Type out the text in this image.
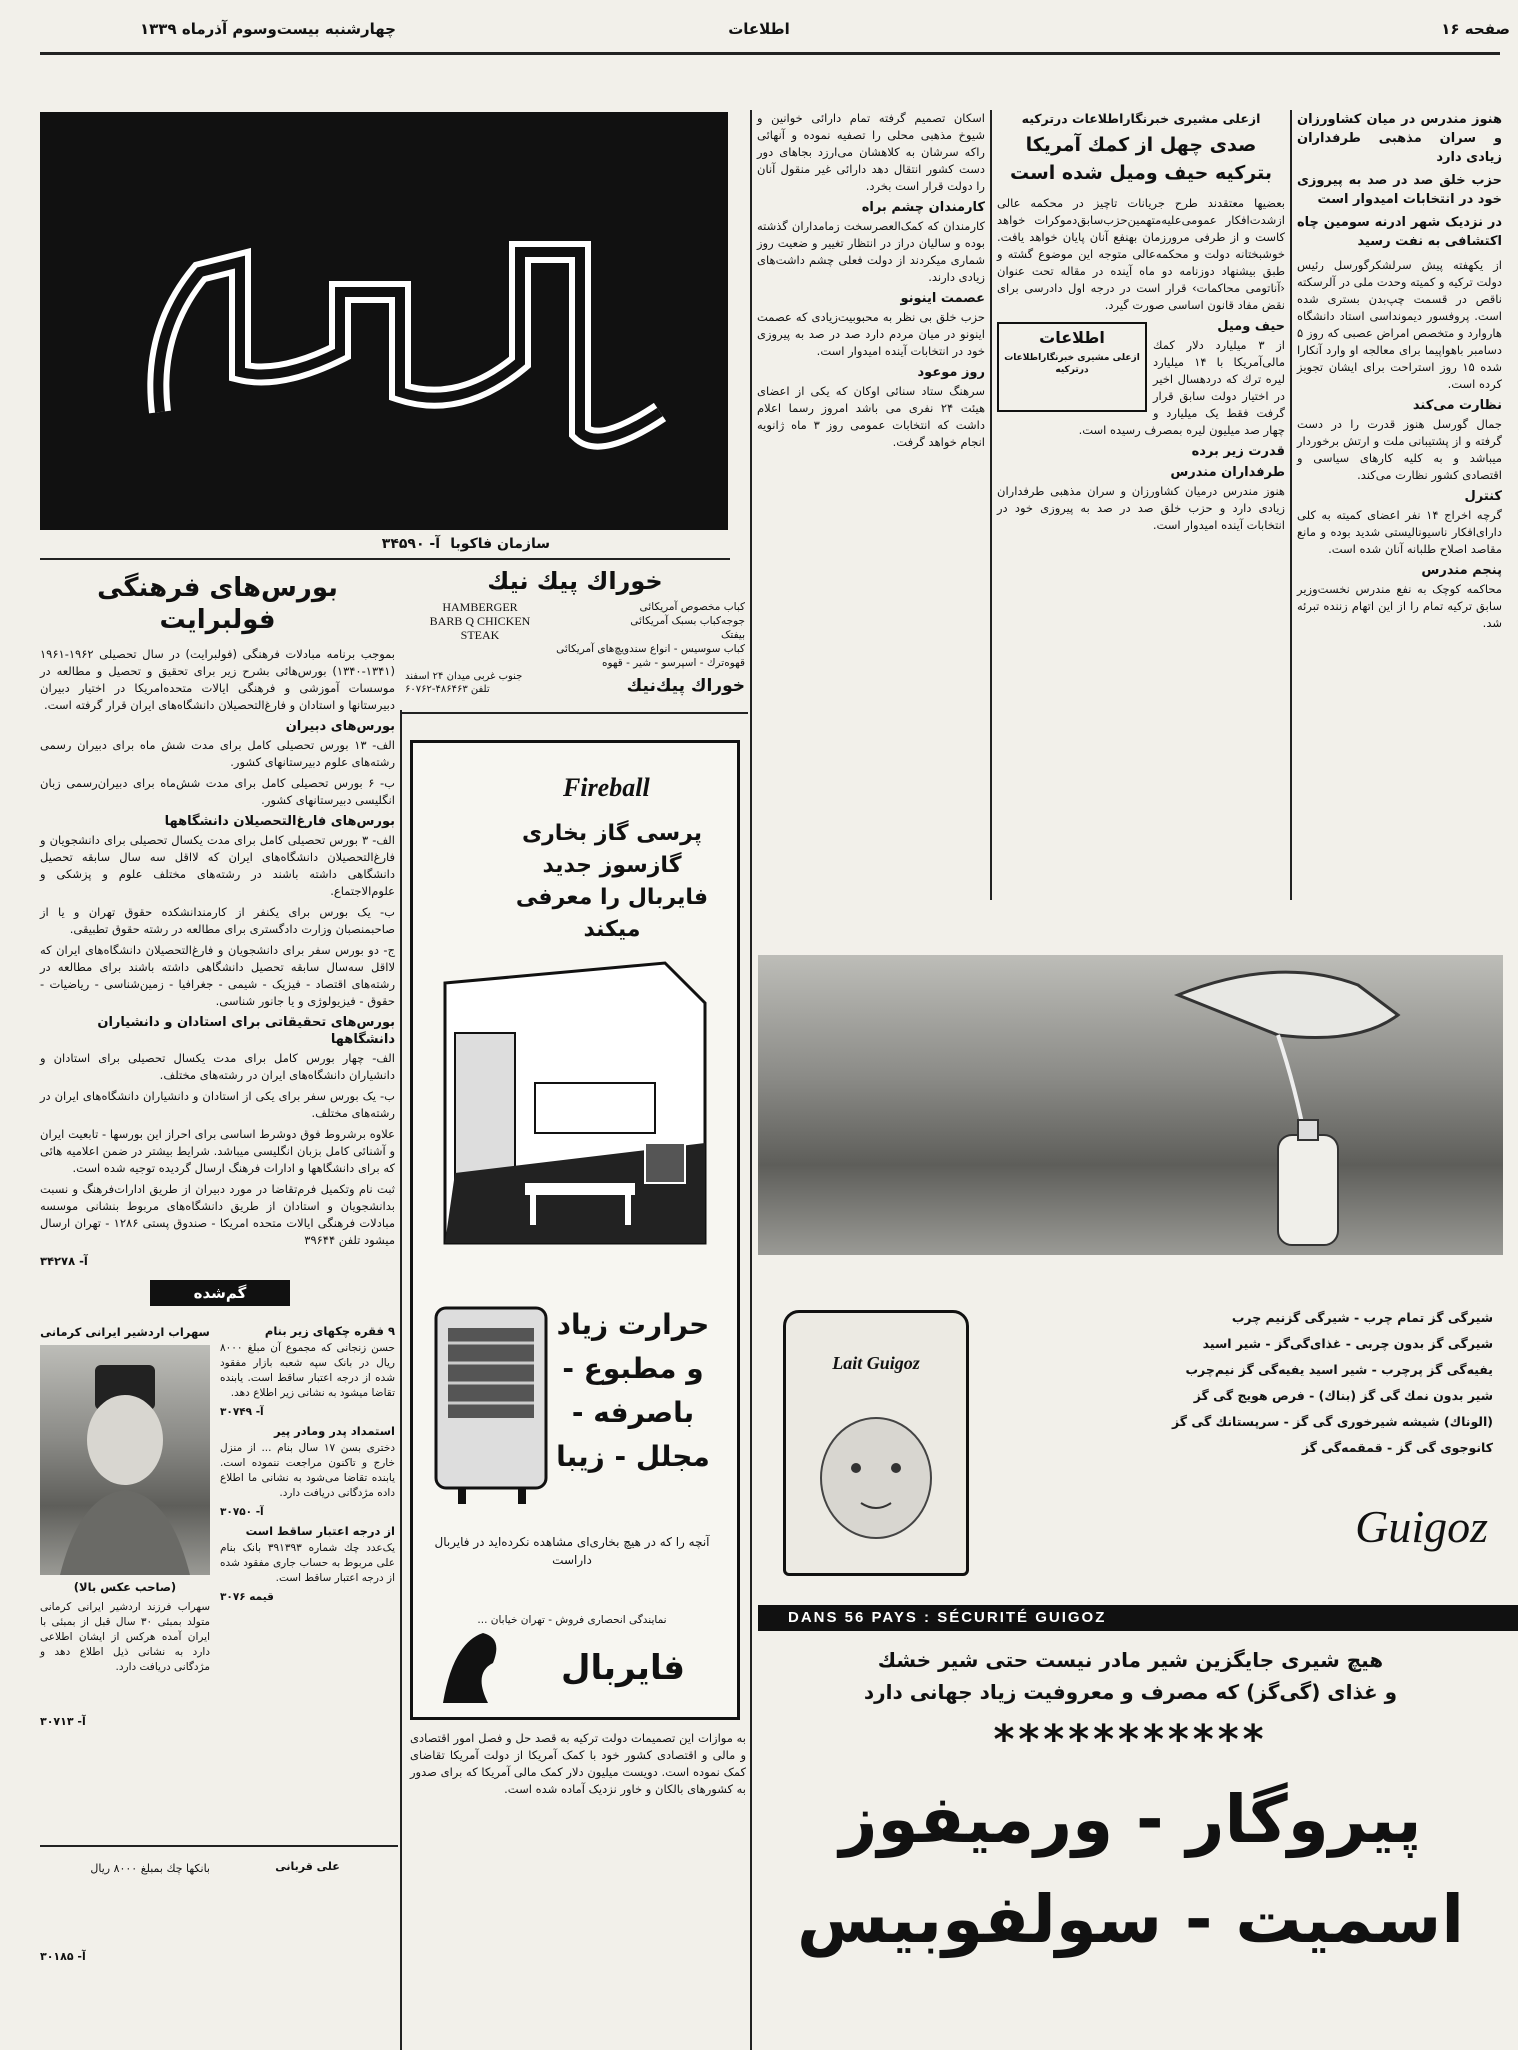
صفحه ۱۶
اطلاعات
چهارشنبه بیست‌وسوم آذرماه ۱۳۳۹
سازمان فاکوبا
آ- ۳۴۵۹۰
بورس‌های فرهنگی فولبرایت

بموجب برنامه مبادلات فرهنگی (فولبرایت) در سال تحصیلی ۱۹۶۲-۱۹۶۱ (۱۳۴۱-۱۳۴۰) بورس‌هائی بشرح زیر برای تحقیق و تحصیل و مطالعه در موسسات آموزشی و فرهنگی ایالات متحده‌امریکا در اختیار دبیران دبیرستانها و استادان و فارغ‌التحصیلان دانشگاه‌های ایران قرار گرفته است.

بورس‌های دبیران

الف- ۱۳ بورس تحصیلی کامل برای مدت شش ماه برای دبیران رسمی رشته‌های علوم دبیرستانهای کشور.

ب- ۶ بورس تحصیلی کامل برای مدت شش‌ماه برای دبیران‌رسمی زبان انگلیسی دبیرستانهای کشور.

بورس‌های فارغ‌التحصیلان دانشگاهها

الف- ۳ بورس تحصیلی کامل برای مدت یکسال تحصیلی برای دانشجویان و فارغ‌التحصیلان دانشگاه‌های ایران که لااقل سه سال سابقه تحصیل دانشگاهی داشته باشند در رشته‌های مختلف علوم و پزشکی و علوم‌الاجتماع.

ب- یک بورس برای یکنفر از کارمندانشکده حقوق تهران و یا از صاحبمنصبان وزارت دادگستری برای مطالعه در رشته حقوق تطبیقی.

ج- دو بورس سفر برای دانشجویان و فارغ‌التحصیلان دانشگاه‌های ایران که لااقل سه‌سال سابقه تحصیل دانشگاهی داشته باشند برای مطالعه در رشته‌های اقتصاد - فیزیک - شیمی - جغرافیا - زمین‌شناسی - ریاضیات - حقوق - فیزیولوژی و یا جانور شناسی.

بورس‌های تحقیقاتی برای استادان و دانشیاران دانشگاهها

الف- چهار بورس کامل برای مدت یکسال تحصیلی برای استادان و دانشیاران دانشگاه‌های ایران در رشته‌های مختلف.

ب- یک بورس سفر برای یکی از استادان و دانشیاران دانشگاه‌های ایران در رشته‌های مختلف.

علاوه برشروط فوق دوشرط اساسی برای احراز این بورسها - تابعیت ایران و آشنائی کامل بزبان انگلیسی میباشد. شرایط بیشتر در ضمن اعلامیه هائی که برای دانشگاهها و ادارات فرهنگ ارسال گردیده توجیه شده است.

ثبت نام وتکمیل فرم‌تقاضا در مورد دبیران از طریق ادارات‌فرهنگ و نسبت بدانشجویان و استادان از طریق دانشگاه‌های مربوط بنشانی موسسه مبادلات فرهنگی ایالات متحده امریکا - صندوق پستی ۱۲۸۶ - تهران ارسال میشود تلفن ۳۹۶۴۴

آ- ۳۴۲۷۸
خوراك پیك نیك
کباب مخصوص آمریکائی
جوجه‌کباب بسبک آمریکائی
بیفتک
HAMBERGER
BARB Q CHICKEN
STEAK
کباب سوسیس - انواع سندویچ‌های آمریکائی
قهوه‌ترك - اسپرسو - شیر - قهوه
خوراك پیك‌نیك
جنوب غربی میدان ۲۴ اسفند
تلفن ۴۸۶۴۶۳-۶۰۷۶۲
Fireball
پرسی گاز بخاری گازسوز جدید فایربال را معرفی میکند
حرارت زیاد و مطبوع - باصرفه - مجلل - زیبا
آنچه را که در هیچ بخاری‌ای مشاهده نکرده‌اید در فایربال داراست
نمایندگی انحصاری فروش - تهران خیابان ...
فایربال
گم‌شده
سهراب اردشیر ایرانی کرمانی
(صاحب عکس بالا)
سهراب فرزند اردشیر ایرانی کرمانی متولد بمبئی ۳۰ سال قبل از بمبئی با ایران آمده هرکس از ایشان اطلاعی دارد به نشانی ذیل اطلاع دهد و مژدگانی دریافت دارد.
آ- ۳۰۷۱۳
۹ فقره چکهای زیر بنام

حسن زنجانی که مجموع آن مبلغ ۸۰۰۰ ریال در بانک سپه شعبه بازار مفقود شده از درجه اعتبار ساقط است. یابنده تقاضا میشود به نشانی زیر اطلاع دهد.

آ- ۳۰۷۴۹
استمداد پدر ومادر پیر

دختری بسن ۱۷ سال بنام ... از منزل خارج و تاکنون مراجعت ننموده است. یابنده تقاضا می‌شود به نشانی ما اطلاع داده مژدگانی دریافت دارد.

آ- ۳۰۷۵۰
از درجه اعتبار ساقط است

یک‌عدد چك شماره ۳۹۱۳۹۳ بانک بنام علی مربوط به حساب جاری مفقود شده از درجه اعتبار ساقط است.

قیمه ۳۰۷۶
علی قربانی
بانکها چك بمبلغ ۸۰۰۰ ریال
آ- ۳۰۱۸۵

اسکان تصمیم گرفته تمام دارائی خوانین و شیوخ مذهبی محلی را تصفیه نموده و آنهائی راکه سرشان به کلاهشان می‌ارزد بجاهای دور دست کشور انتقال دهد دارائی غیر منقول آنان را دولت قرار است بخرد.

کارمندان چشم براه

کارمندان که کمک‌العصرسخت زمامداران گذشته بوده و سالیان دراز در انتظار تغییر و ضعیت روز شماری میکردند از دولت فعلی چشم داشت‌های زیادی دارند.

عصمت اینونو

حزب خلق بی نظر به محبوبیت‌زیادی که عصمت اینونو در میان مردم دارد صد در صد به پیروزی خود در انتخابات آینده امیدوار است.

روز موعود

سرهنگ ستاد سنائی اوکان که یکی از اعضای هیئت ۲۴ نفری می باشد امروز رسما اعلام داشت که انتخابات عمومی روز ۳ ماه ژانویه انجام خواهد گرفت.

به موازات این تصمیمات دولت ترکیه به قصد حل و فصل امور اقتصادی و مالی و اقتصادی کشور خود با کمک آمریکا از دولت آمریکا تقاضای کمک نموده است. دویست میلیون دلار کمک مالی آمریکا که برای صدور به کشورهای بالکان و خاور نزدیک آماده شده است.
ازعلی مشیری خبرنگاراطلاعات درترکیه
صدی چهل از کمك آمریکا بترکیه حیف ومیل شده است

بعضیها معتقدند طرح جریانات تاچیز در محکمه عالی ازشدت‌افکار عمومی‌علیه‌متهمین‌حزب‌سابق‌دموکرات خواهد کاست و از طرفی مرورزمان بهنفع آنان پایان خواهد یافت. خوشبختانه دولت و محکمه‌عالی متوجه این موضوع گشته و طبق بیشنهاد دوزنامه دو ماه آینده در مقاله تحت عنوان ‹آناتومی محاکمات› قرار است در درجه اول دادرسی برای نقض مفاد قانون اساسی صورت گیرد.

اطلاعات
ازعلی مشیری خبرنگاراطلاعات درترکیه
حیف ومیل

از ۳ میلیارد دلار کمك مالی‌آمریکا با ۱۴ میلیارد لیره ترك که دردهسال اخیر در اختیار دولت سابق قرار گرفت فقط یک میلیارد و چهار صد میلیون لیره بمصرف رسیده است.

قدرت زیر برده
طرفداران مندرس

هنوز مندرس درمیان کشاورزان و سران مذهبی طرفداران زیادی دارد و حزب خلق صد در صد به پیروزی خود در انتخابات آینده امیدوار است.

هنوز مندرس در میان کشاورزان و سران مذهبی طرفداران زیادی دارد
حزب خلق صد در صد به پیروزی خود در انتخابات امیدوار است
در نزدیک شهر ادرنه سومین چاه اکتشافی به نفت رسید

از یکهفته پیش سرلشکرگورسل رئیس دولت ترکیه و کمیته وحدت ملی در آلرسکته ناقص در قسمت چپ‌بدن بستری شده است. پروفسور دیمونداسی استاد دانشگاه هاروارد و متخصص امراض عصبی که روز ۵ دسامبر باهواپیما برای معالجه او وارد آنکارا شده ۱۵ روز استراحت برای ایشان تجویز کرده است.

نظارت می‌کند

جمال گورسل هنوز قدرت را در دست گرفته و از پشتیبانی ملت و ارتش برخوردار میباشد و به کلیه کارهای سیاسی و اقتصادی کشور نظارت می‌کند.

کنترل

گرچه اخراج ۱۴ نفر اعضای کمیته به کلی دارای‌افکار ناسیونالیستی شدید بوده و مانع مقاصد اصلاح طلبانه آنان شده است.

پنجم مندرس

محاکمه کوچک به نفع مندرس نخست‌وزیر سابق ترکیه تمام را از این اتهام زننده تبرئه شد.

شیرگی گز تمام چرب - شیرگی گزنیم چرب
شیرگی گز بدون چربی - غذای‌گی‌گز - شیر اسید
یفیه‌گی گز پرچرب - شیر اسید یفیه‌گی گز نیم‌چرب
شیر بدون نمك گی گز (بناك) - فرص هویج گی گز
(الوناك) شیشه شیرخوری گی گز - سرپستانك گی گز
کانوجوی گی گز - قمقمه‌گی گز
Lait Guigoz
Guigoz
DANS 56 PAYS : SÉCURITÉ GUIGOZ
هیچ شیری جایگزین شیر مادر نیست حتی شیر خشك
و غذای (گی‌گز) که مصرف و معروفیت زیاد جهانی دارد
***********
پیروگار - ورمیفوز
اسمیت - سولفوبیس
